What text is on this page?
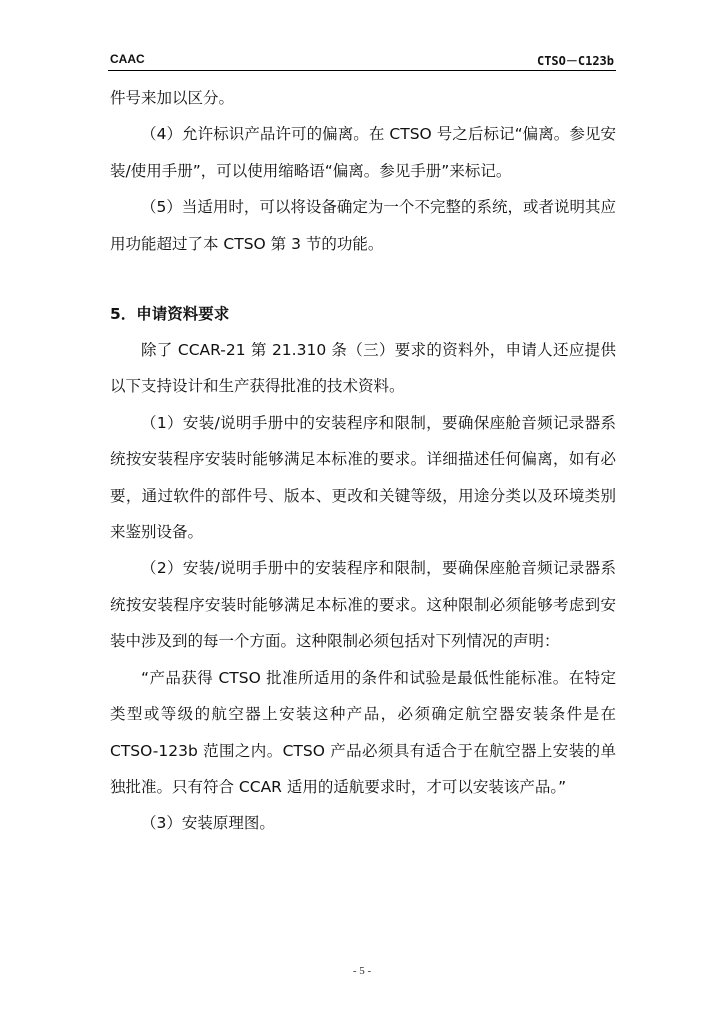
CAAC	CTSO－C123b

件号来加以区分。

（4）允许标识产品许可的偏离。在 CTSO 号之后标记“偏离。参见安装/使用手册”，可以使用缩略语“偏离。参见手册”来标记。

（5）当适用时，可以将设备确定为一个不完整的系统，或者说明其应用功能超过了本 CTSO 第 3 节的功能。

5．申请资料要求

除了 CCAR-21 第 21.310 条（三）要求的资料外，申请人还应提供以下支持设计和生产获得批准的技术资料。

（1）安装/说明手册中的安装程序和限制，要确保座舱音频记录器系统按安装程序安装时能够满足本标准的要求。详细描述任何偏离，如有必要，通过软件的部件号、版本、更改和关键等级，用途分类以及环境类别来鉴别设备。

（2）安装/说明手册中的安装程序和限制，要确保座舱音频记录器系统按安装程序安装时能够满足本标准的要求。这种限制必须能够考虑到安装中涉及到的每一个方面。这种限制必须包括对下列情况的声明：

“产品获得 CTSO 批准所适用的条件和试验是最低性能标准。在特定类型或等级的航空器上安装这种产品，必须确定航空器安装条件是在 CTSO-123b 范围之内。CTSO 产品必须具有适合于在航空器上安装的单独批准。只有符合 CCAR 适用的适航要求时，才可以安装该产品。”

（3）安装原理图。

- 5 -
